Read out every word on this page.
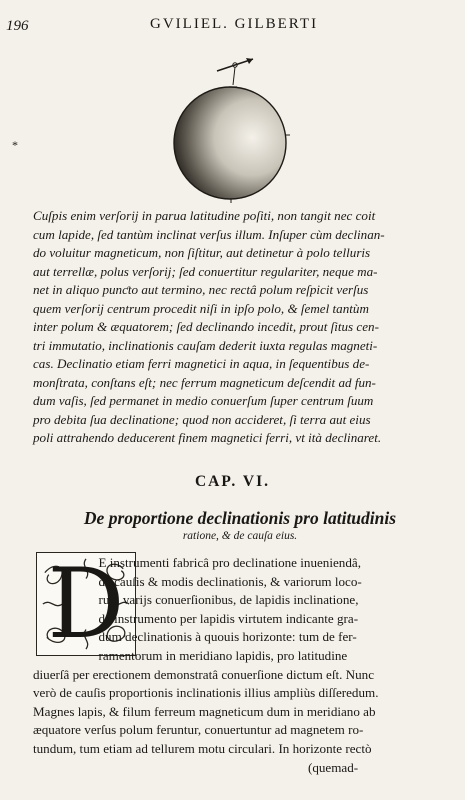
196	GVILIEL. GILBERTI
*

Cuſpis enim verſorij in parua latitudine poſiti, non tangit nec coit
cum lapide, ſed tantùm inclinat verſus illum. Inſuper cùm declinan-
do voluitur magneticum, non ſiſtitur, aut detinetur à polo telluris
aut terrellæ, polus verſorij; ſed conuertitur regulariter, neque ma-
net in aliquo punƈto aut termino, nec rectâ polum reſpicit verſus
quem verſorij centrum procedit niſi in ipſo polo, & ſemel tantùm
inter polum & æquatorem; ſed declinando incedit, prout ſitus cen-
tri immutatio, inclinationis cauſam dederit iuxta regulas magneti-
cas. Declinatio etiam ferri magnetici in aqua, in ſequentibus de-
monſtrata, conſtans eſt; nec ferrum magneticum deſcendit ad fun-
dum vaſis, ſed permanet in medio conuerſum ſuper centrum ſuum
pro debita ſua declinatione; quod non accideret, ſi terra aut eius
poli attrahendo deducerent finem magnetici ferri, vt ità declinaret.

CAP. VI.
De proportione declinationis pro latitudinis
ratione, & de cauſa eius.
D

E instrumenti fabricâ pro declinatione inueniendâ,
de cauſis & modis declinationis, & variorum loco-
rum varijs conuerſionibus, de lapidis inclinatione,
de instrumento per lapidis virtutem indicante gra-
dum declinationis à quouis horizonte: tum de fer-
ramentorum in meridiano lapidis, pro latitudine
diuerſâ per erectionem demonstratâ conuerſione dictum eſt. Nunc
verò de cauſis proportionis inclinationis illius ampliùs diſſeredum.
Magnes lapis, & filum ferreum magneticum dum in meridiano ab
æquatore verſus polum feruntur, conuertuntur ad magnetem ro-
tundum, tum etiam ad tellurem motu circulari. In horizonte rectò
(quemad-
